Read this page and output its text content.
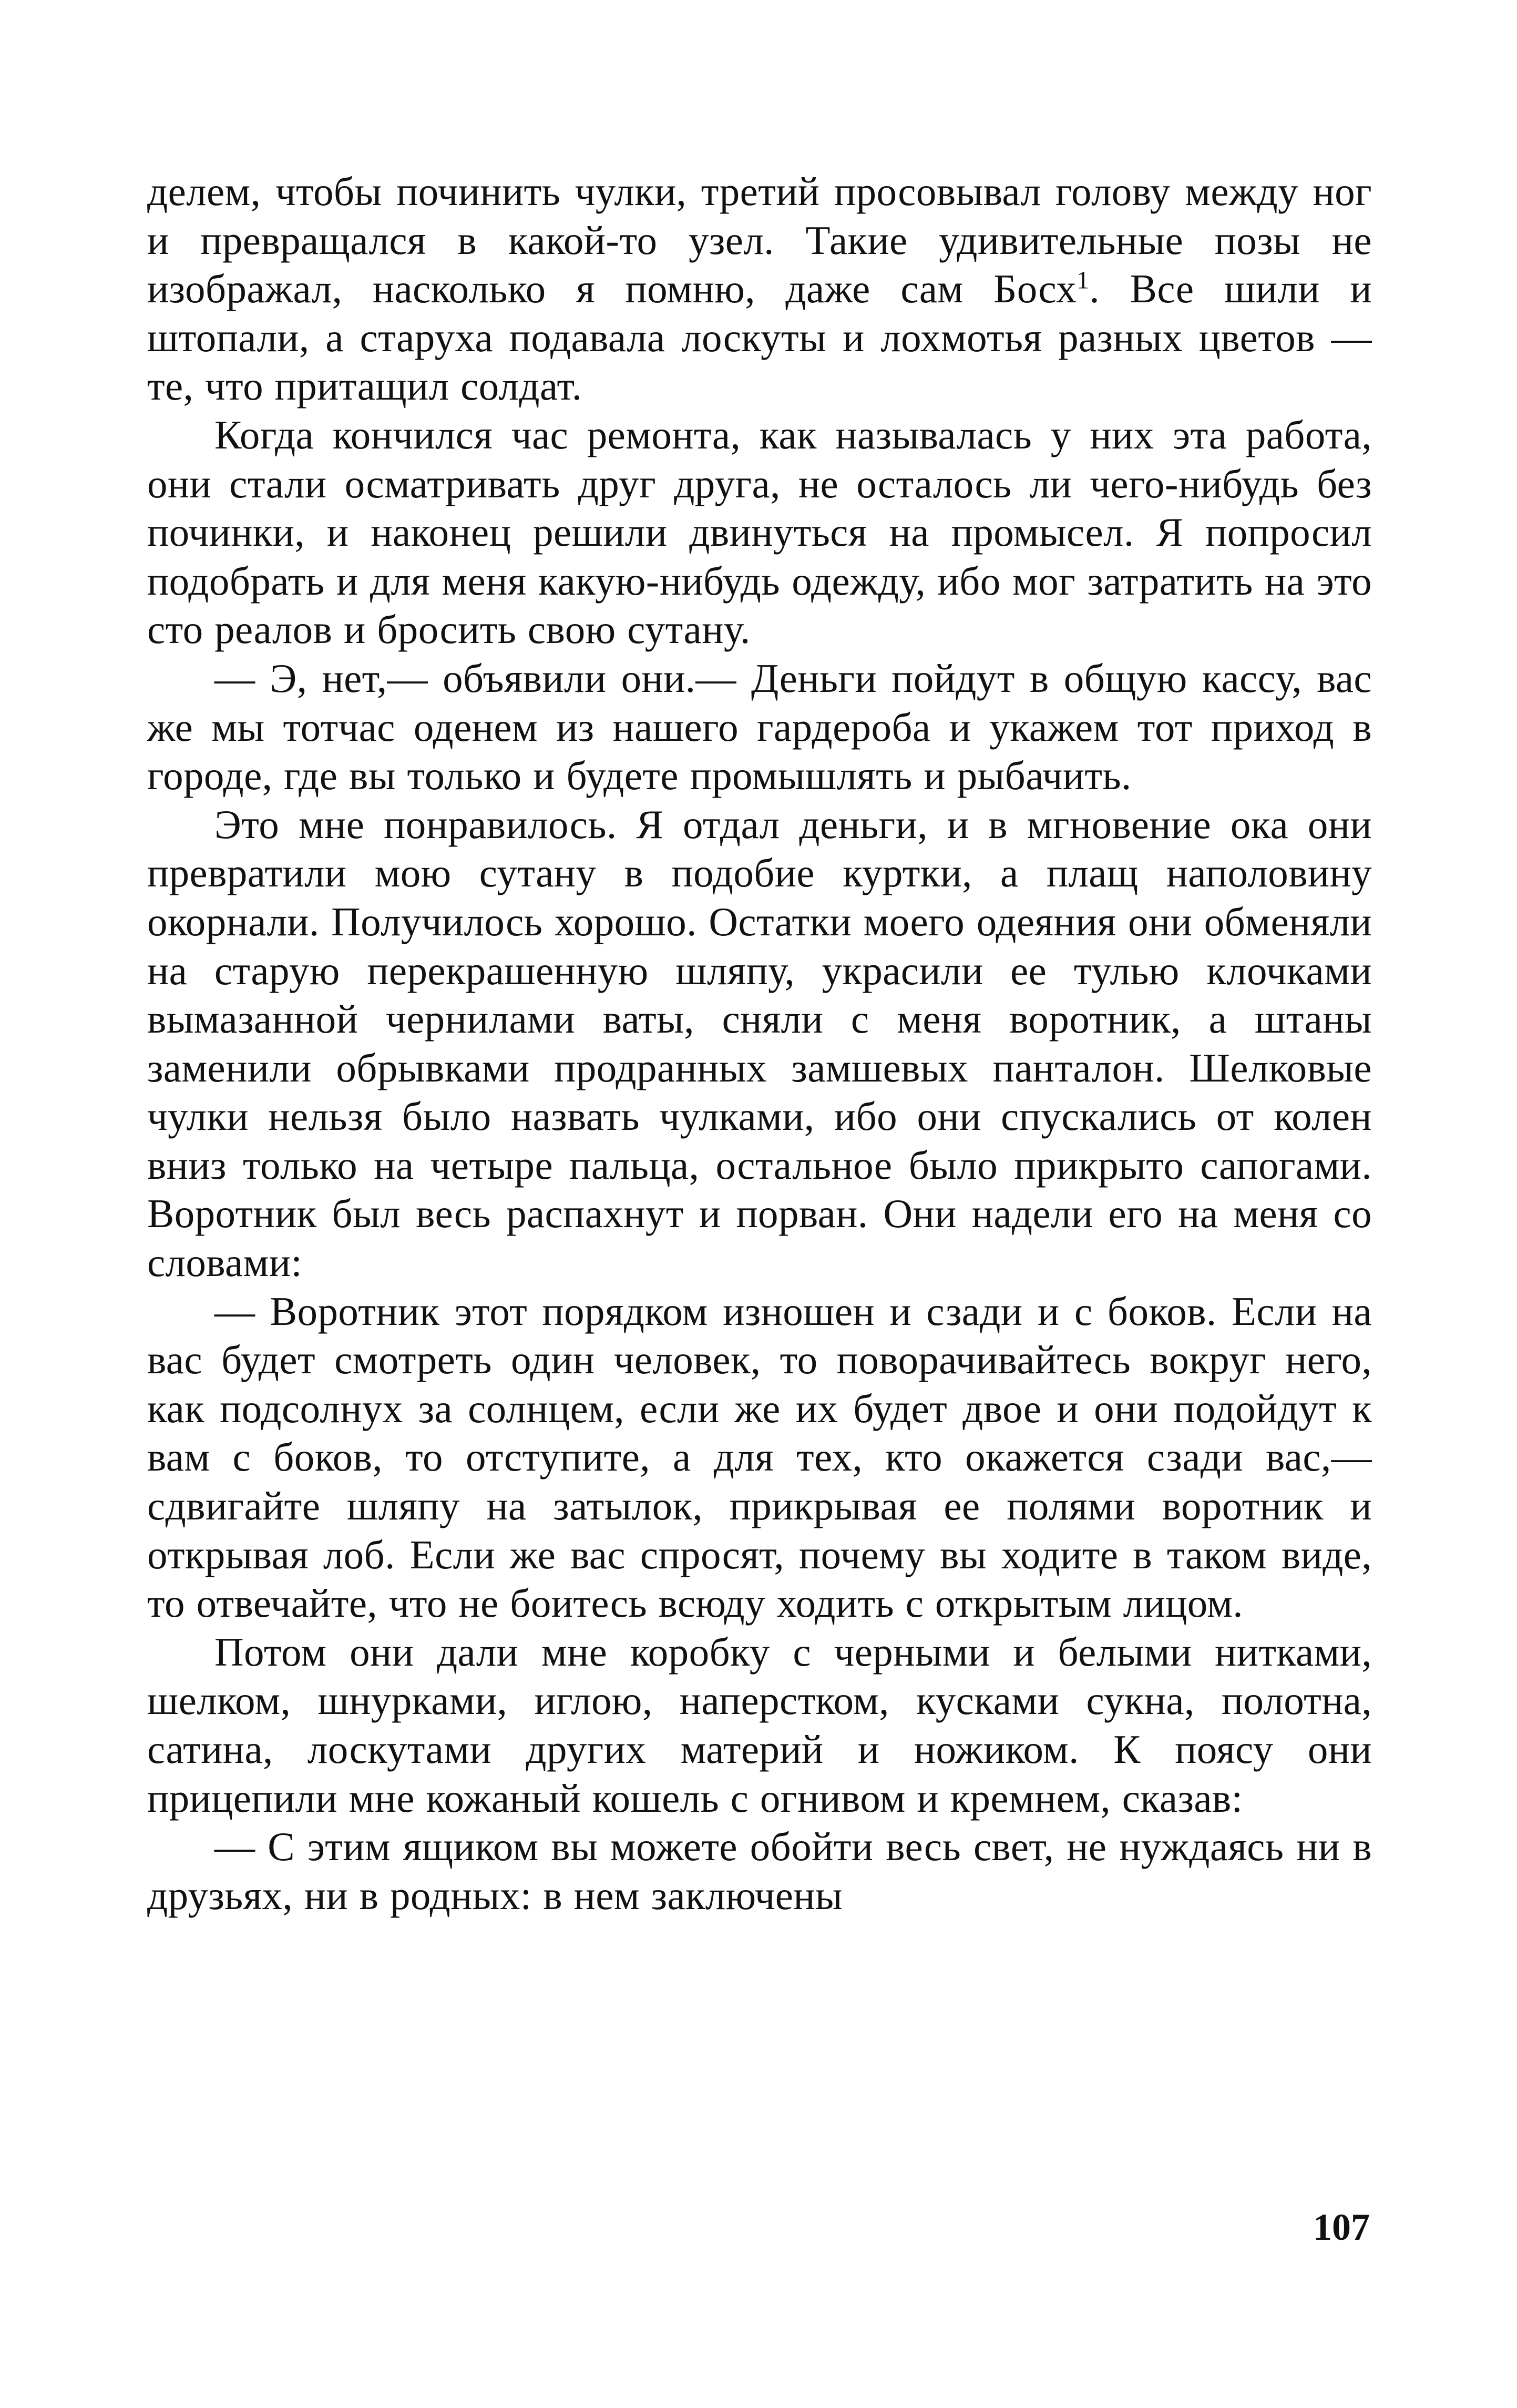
делем, чтобы починить чулки, третий просовывал голову между ног и превращался в какой-то узел. Такие удивительные позы не изображал, насколько я помню, даже сам Босх$^1$. Все шили и штопали, а старуха подавала лоскуты и лохмотья разных цветов — те, что притащил солдат.

Когда кончился час ремонта, как называлась у них эта работа, они стали осматривать друг друга, не осталось ли чего-нибудь без починки, и наконец решили двинуться на промысел. Я попросил подобрать и для меня какую-нибудь одежду, ибо мог затратить на это сто реалов и бросить свою сутану.

— Э, нет,— объявили они.— Деньги пойдут в общую кассу, вас же мы тотчас оденем из нашего гардероба и укажем тот приход в городе, где вы только и будете промышлять и рыбачить.

Это мне понравилось. Я отдал деньги, и в мгновение ока они превратили мою сутану в подобие куртки, а плащ наполовину окорнали. Получилось хорошо. Остатки моего одеяния они обменяли на старую перекрашенную шляпу, украсили ее тулью клочками вымазанной чернилами ваты, сняли с меня воротник, а штаны заменили обрывками продранных замшевых панталон. Шелковые чулки нельзя было назвать чулками, ибо они спускались от колен вниз только на четыре пальца, остальное было прикрыто сапогами. Воротник был весь распахнут и порван. Они надели его на меня со словами:

— Воротник этот порядком изношен и сзади и с боков. Если на вас будет смотреть один человек, то поворачивайтесь вокруг него, как подсолнух за солнцем, если же их будет двое и они подойдут к вам с боков, то отступите, а для тех, кто окажется сзади вас,— сдвигайте шляпу на затылок, прикрывая ее полями воротник и открывая лоб. Если же вас спросят, почему вы ходите в таком виде, то отвечайте, что не боитесь всюду ходить с открытым лицом.

Потом они дали мне коробку с черными и белыми нитками, шелком, шнурками, иглою, наперстком, кусками сукна, полотна, сатина, лоскутами других материй и ножиком. К поясу они прицепили мне кожаный кошель с огнивом и кремнем, сказав:

— С этим ящиком вы можете обойти весь свет, не нуждаясь ни в друзьях, ни в родных: в нем заключены

107
